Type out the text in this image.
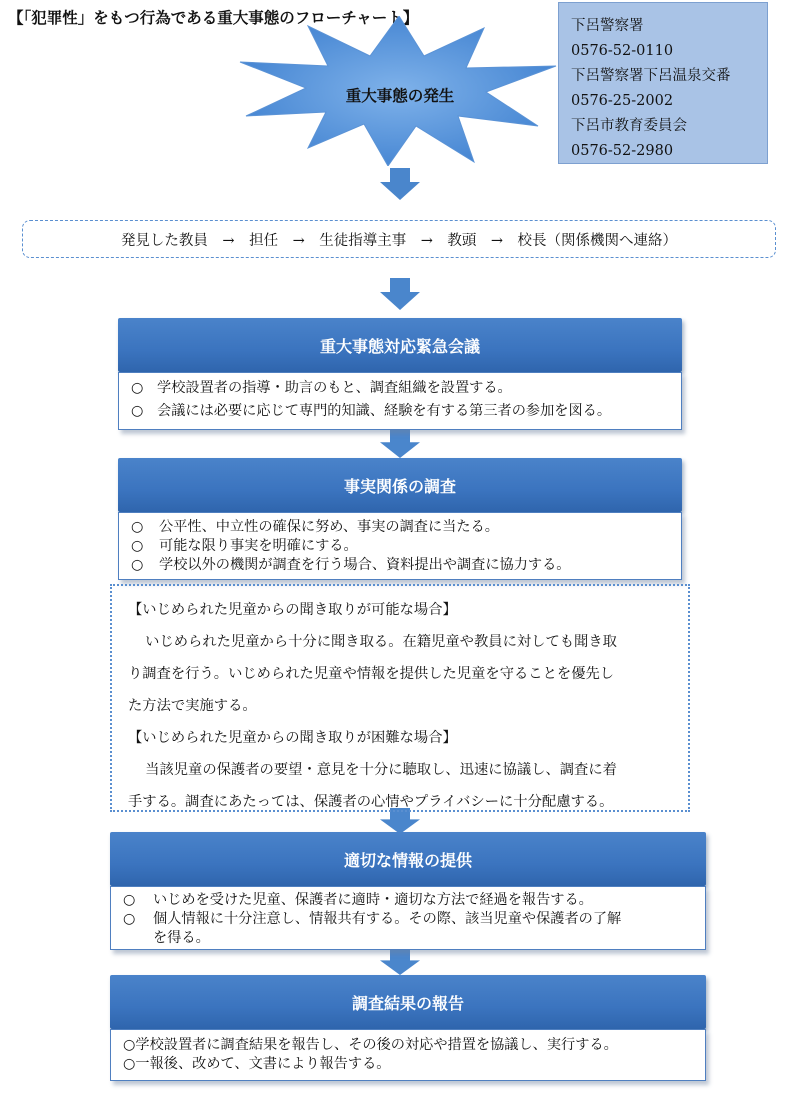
【「犯罪性」をもつ行為である重大事態のフローチャート】	下呂警察署
0576-52-0110
下呂警察署下呂温泉交番
0576-25-2002
下呂市教育委員会
0576-52-2980
重大事態の発生
発見した教員　→　担任　→　生徒指導主事　→　教頭　→　校長（関係機関へ連絡）
重大事態対応緊急会議
○ 学校設置者の指導・助言のもと、調査組織を設置する。
○ 会議には必要に応じて専門的知識、経験を有する第三者の参加を図る。
事実関係の調査
○	公平性、中立性の確保に努め、事実の調査に当たる。
○	可能な限り事実を明確にする。
○	学校以外の機関が調査を行う場合、資料提出や調査に協力する。

【いじめられた児童からの聞き取りが可能な場合】

いじめられた児童から十分に聞き取る。在籍児童や教員に対しても聞き取

り調査を行う。いじめられた児童や情報を提供した児童を守ることを優先し

た方法で実施する。

【いじめられた児童からの聞き取りが困難な場合】

当該児童の保護者の要望・意見を十分に聴取し、迅速に協議し、調査に着

手する。調査にあたっては、保護者の心情やプライバシーに十分配慮する。

適切な情報の提供
○	いじめを受けた児童、保護者に適時・適切な方法で経過を報告する。
○	個人情報に十分注意し、情報共有する。その際、該当児童や保護者の了解
を得る。
調査結果の報告
○学校設置者に調査結果を報告し、その後の対応や措置を協議し、実行する。
○一報後、改めて、文書により報告する。
